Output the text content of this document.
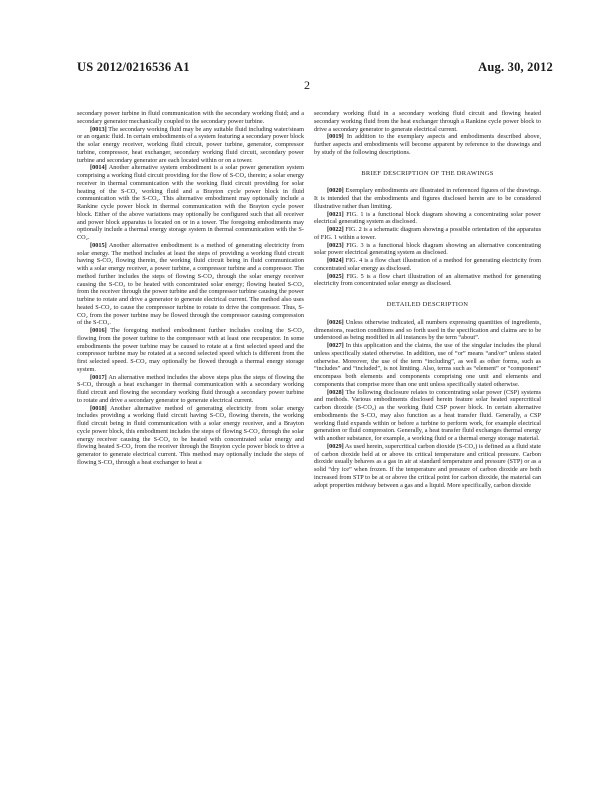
US 2012/0216536 A1	Aug. 30, 2012
2

secondary power turbine in fluid communication with the secondary working fluid; and a secondary generator mechanically coupled to the secondary power turbine.

[0013] The secondary working fluid may be any suitable fluid including water/steam or an organic fluid. In certain embodiments of a system featuring a secondary power block the solar energy receiver, working fluid circuit, power turbine, generator, compressor turbine, compressor, heat exchanger, secondary working fluid circuit, secondary power turbine and secondary generator are each located within or on a tower.

[0014] Another alternative system embodiment is a solar power generation system comprising a working fluid circuit providing for the flow of S-CO₂ therein; a solar energy receiver in thermal communication with the working fluid circuit providing for solar heating of the S-CO₂ working fluid and a Brayton cycle power block in fluid communication with the S-CO₂. This alternative embodiment may optionally include a Rankine cycle power block in thermal communication with the Brayton cycle power block. Either of the above variations may optionally be configured such that all receiver and power block apparatus is located on or in a tower. The foregoing embodiments may optionally include a thermal energy storage system in thermal communication with the S-CO₂.

[0015] Another alternative embodiment is a method of generating electricity from solar energy. The method includes at least the steps of providing a working fluid circuit having S-CO₂ flowing therein, the working fluid circuit being in fluid communication with a solar energy receiver, a power turbine, a compressor turbine and a compressor. The method further includes the steps of flowing S-CO₂ through the solar energy receiver causing the S-CO₂ to be heated with concentrated solar energy; flowing heated S-CO₂ from the receiver through the power turbine and the compressor turbine causing the power turbine to rotate and drive a generator to generate electrical current. The method also uses heated S-CO₂ to cause the compressor turbine to rotate to drive the compressor. Thus, S-CO₂ from the power turbine may be flowed through the compressor causing compression of the S-CO₂.

[0016] The foregoing method embodiment further includes cooling the S-CO₂ flowing from the power turbine to the compressor with at least one recuperator. In some embodiments the power turbine may be caused to rotate at a first selected speed and the compressor turbine may be rotated at a second selected speed which is different from the first selected speed. S-CO₂ may optionally be flowed through a thermal energy storage system.

[0017] An alternative method includes the above steps plus the steps of flowing the S-CO₂ through a heat exchanger in thermal communication with a secondary working fluid circuit and flowing the secondary working fluid through a secondary power turbine to rotate and drive a secondary generator to generate electrical current.

[0018] Another alternative method of generating electricity from solar energy includes providing a working fluid circuit having S-CO₂ flowing therein, the working fluid circuit being in fluid communication with a solar energy receiver, and a Brayton cycle power block, this embodiment includes the steps of flowing S-CO₂ through the solar energy receiver causing the S-CO₂ to be heated with concentrated solar energy and flowing heated S-CO₂ from the receiver through the Brayton cycle power block to drive a generator to generate electrical current. This method may optionally include the steps of flowing S-CO₂ through a heat exchanger to heat a

secondary working fluid in a secondary working fluid circuit and flowing heated secondary working fluid from the heat exchanger through a Rankine cycle power block to drive a secondary generator to generate electrical current.

[0019] In addition to the exemplary aspects and embodiments described above, further aspects and embodiments will become apparent by reference to the drawings and by study of the following descriptions.

BRIEF DESCRIPTION OF THE DRAWINGS

[0020] Exemplary embodiments are illustrated in referenced figures of the drawings. It is intended that the embodiments and figures disclosed herein are to be considered illustrative rather than limiting.

[0021] FIG. 1 is a functional block diagram showing a concentrating solar power electrical generating system as disclosed.

[0022] FIG. 2 is a schematic diagram showing a possible orientation of the apparatus of FIG. 1 within a tower.

[0023] FIG. 3 is a functional block diagram showing an alternative concentrating solar power electrical generating system as disclosed.

[0024] FIG. 4 is a flow chart illustration of a method for generating electricity from concentrated solar energy as disclosed.

[0025] FIG. 5 is a flow chart illustration of an alternative method for generating electricity from concentrated solar energy as disclosed.

DETAILED DESCRIPTION

[0026] Unless otherwise indicated, all numbers expressing quantities of ingredients, dimensions, reaction conditions and so forth used in the specification and claims are to be understood as being modified in all instances by the term “about”.

[0027] In this application and the claims, the use of the singular includes the plural unless specifically stated otherwise. In addition, use of “or” means “and/or” unless stated otherwise. Moreover, the use of the term “including”, as well as other forms, such as “includes” and “included”, is not limiting. Also, terms such as “element” or “component” encompass both elements and components comprising one unit and elements and components that comprise more than one unit unless specifically stated otherwise.

[0028] The following disclosure relates to concentrating solar power (CSP) systems and methods. Various embodiments disclosed herein feature solar heated supercritical carbon dioxide (S-CO₂) as the working fluid CSP power block. In certain alternative embodiments the S-CO₂ may also function as a heat transfer fluid. Generally, a CSP working fluid expands within or before a turbine to perform work, for example electrical generation or fluid compression. Generally, a heat transfer fluid exchanges thermal energy with another substance, for example, a working fluid or a thermal energy storage material.

[0029] As used herein, supercritical carbon dioxide (S-CO₂) is defined as a fluid state of carbon dioxide held at or above its critical temperature and critical pressure. Carbon dioxide usually behaves as a gas in air at standard temperature and pressure (STP) or as a solid “dry ice” when frozen. If the temperature and pressure of carbon dioxide are both increased from STP to be at or above the critical point for carbon dioxide, the material can adopt properties midway between a gas and a liquid. More specifically, carbon dioxide
